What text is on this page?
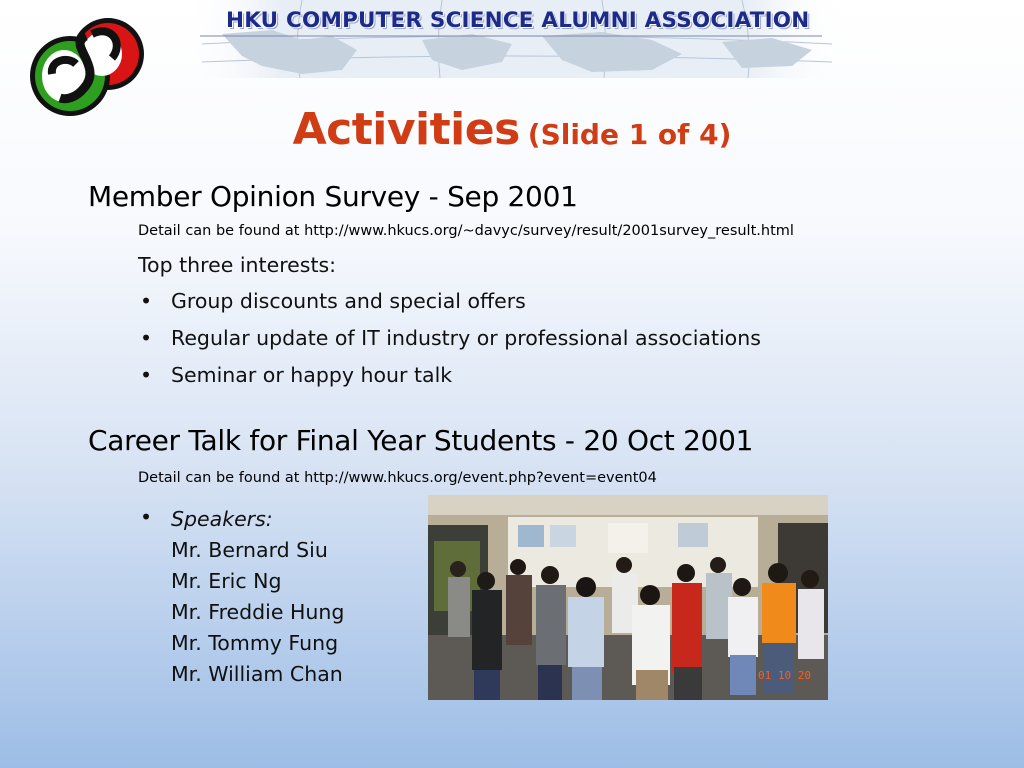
HKU COMPUTER SCIENCE ALUMNI ASSOCIATION
Activities (Slide 1 of 4)
Member Opinion Survey - Sep 2001
Detail can be found at http://www.hkucs.org/~davyc/survey/result/2001survey_result.html
Top three interests:
• Group discounts and special offers
• Regular update of IT industry or professional associations
• Seminar or happy hour talk
Career Talk for Final Year Students - 20 Oct 2001
Detail can be found at http://www.hkucs.org/event.php?event=event04
• Speakers:
Mr. Bernard Siu
Mr. Eric Ng
Mr. Freddie Hung
Mr. Tommy Fung
Mr. William Chan	01 10 20
